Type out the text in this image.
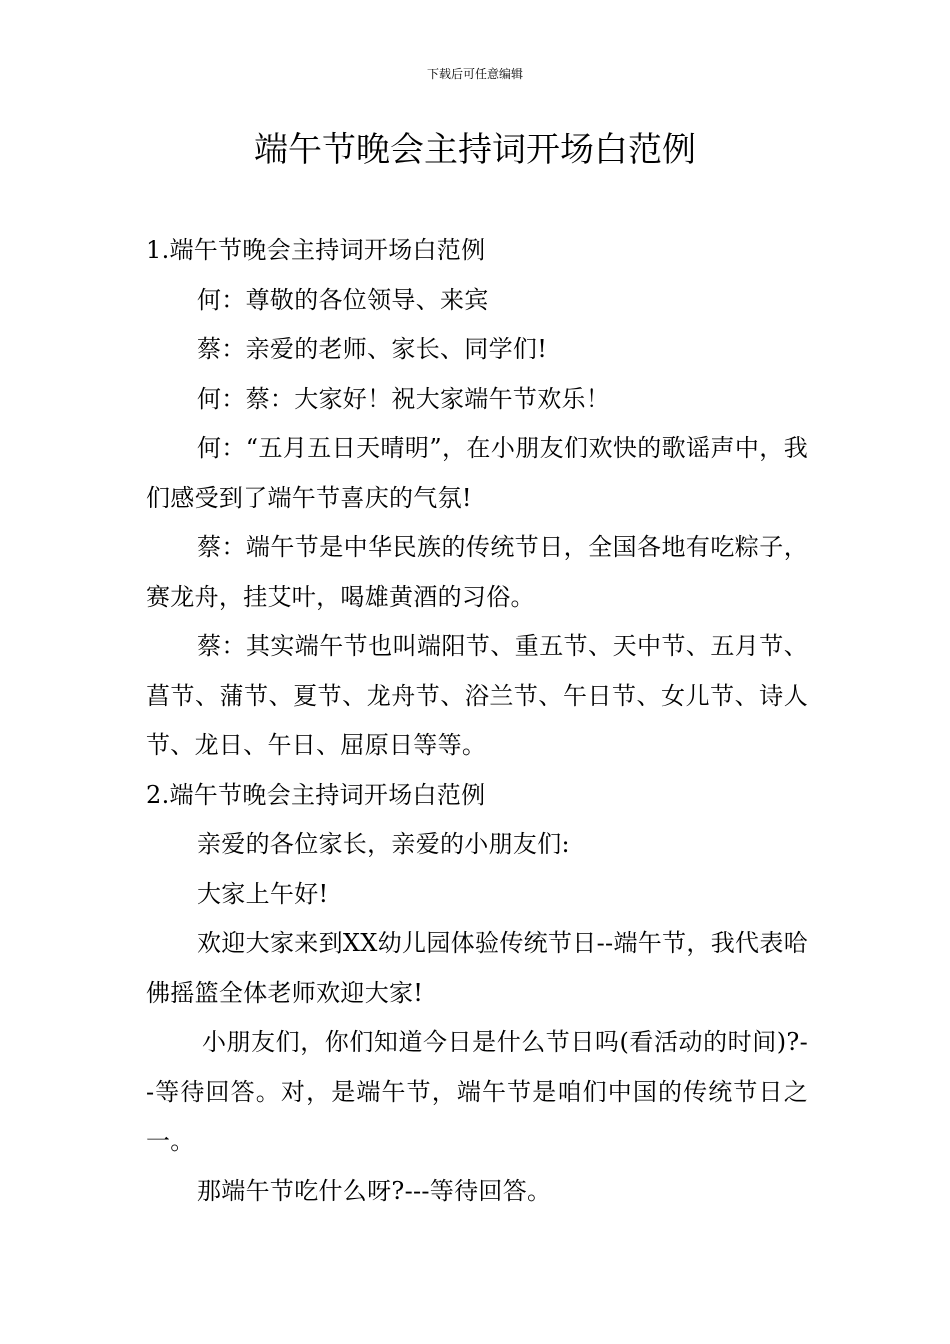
下载后可任意编辑
端午节晚会主持词开场白范例

1.端午节晚会主持词开场白范例

何：尊敬的各位领导、来宾

蔡：亲爱的老师、家长、同学们!

何：蔡：大家好！祝大家端午节欢乐！

何：“五月五日天晴明”，在小朋友们欢快的歌谣声中，我们感受到了端午节喜庆的气氛!

蔡：端午节是中华民族的传统节日，全国各地有吃粽子，赛龙舟，挂艾叶，喝雄黄酒的习俗。

蔡：其实端午节也叫端阳节、重五节、天中节、五月节、菖节、蒲节、夏节、龙舟节、浴兰节、午日节、女儿节、诗人节、龙日、午日、屈原日等等。

2.端午节晚会主持词开场白范例

亲爱的各位家长，亲爱的小朋友们:

大家上午好!

欢迎大家来到XX幼儿园体验传统节日--端午节，我代表哈佛摇篮全体老师欢迎大家!

小朋友们，你们知道今日是什么节日吗(看活动的时间)?--等待回答。对，是端午节，端午节是咱们中国的传统节日之一。

那端午节吃什么呀?---等待回答。
